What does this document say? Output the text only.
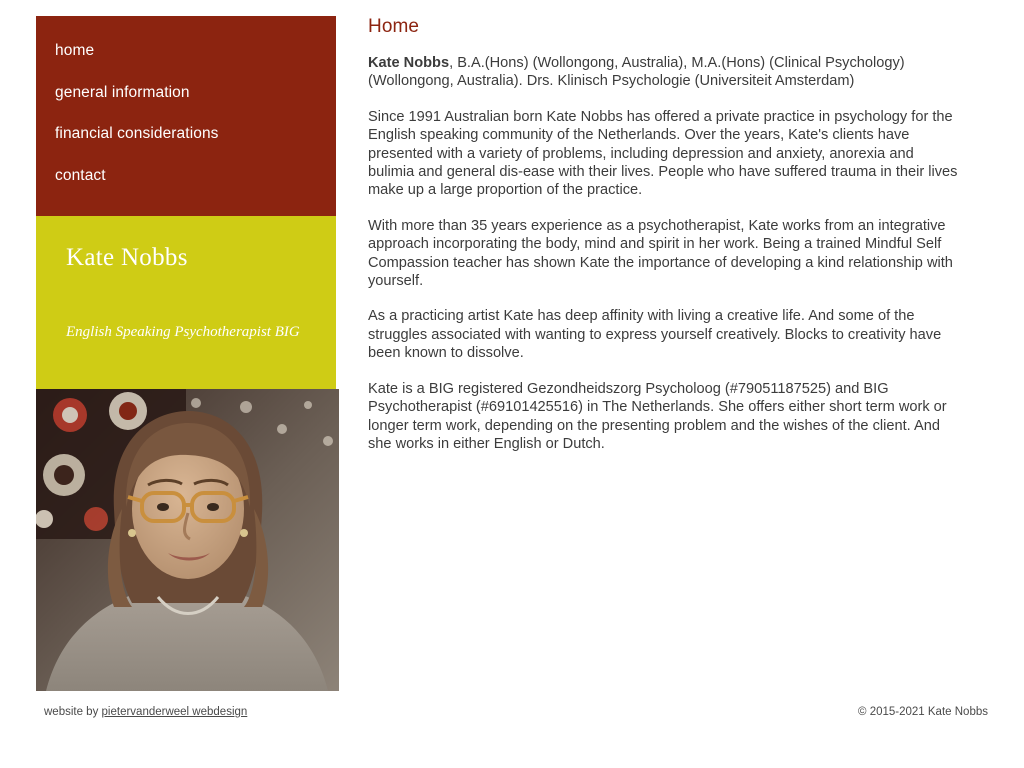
home
general information
financial considerations
contact
Kate Nobbs
English Speaking Psychotherapist BIG
Home

Kate Nobbs, B.A.(Hons) (Wollongong, Australia), M.A.(Hons) (Clinical Psychology) (Wollongong, Australia). Drs. Klinisch Psychologie (Universiteit Amsterdam)

Since 1991 Australian born Kate Nobbs has offered a private practice in psychology for the English speaking community of the Netherlands. Over the years, Kate's clients have presented with a variety of problems, including depression and anxiety, anorexia and bulimia and general dis-ease with their lives. People who have suffered trauma in their lives make up a large proportion of the practice.

With more than 35 years experience as a psychotherapist, Kate works from an integrative approach incorporating the body, mind and spirit in her work. Being a trained Mindful Self Compassion teacher has shown Kate the importance of developing a kind relationship with yourself.

As a practicing artist Kate has deep affinity with living a creative life. And some of the struggles associated with wanting to express yourself creatively. Blocks to creativity have been known to dissolve.

Kate is a BIG registered Gezondheidszorg Psycholoog (#79051187525) and BIG Psychotherapist (#69101425516) in The Netherlands. She offers either short term work or longer term work, depending on the presenting problem and the wishes of the client. And she works in either English or Dutch.

website by pietervanderweel webdesign	© 2015-2021 Kate Nobbs
